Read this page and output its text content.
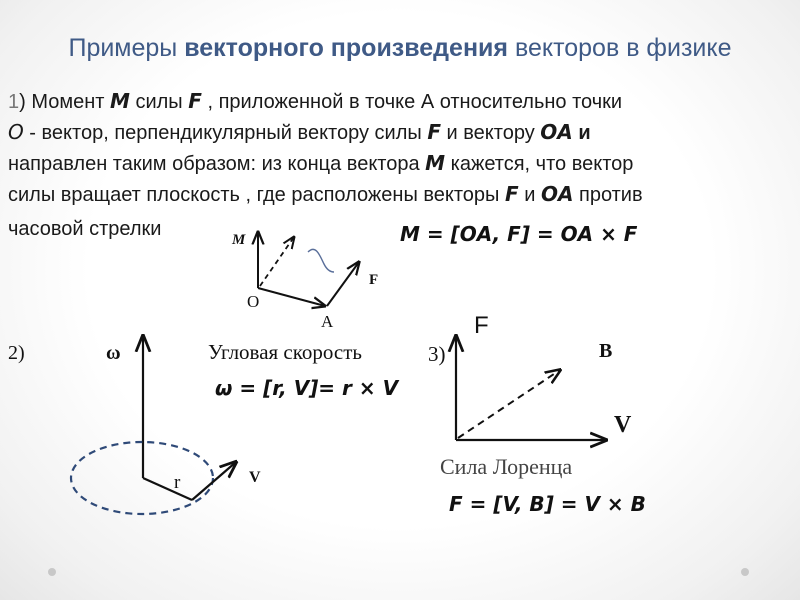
Примеры векторного произведения векторов в физике
1) Момент M силы F , приложенной в точке А относительно точки
O - вектор, перпендикулярный вектору силы F и вектору OA и
направлен таким образом: из конца вектора M кажется, что вектор
силы вращает плоскость , где расположены векторы F и OA против
часовой стрелки	M = [OA, F] = OA × F
M
O
A
F
2)	ω	Угловая скорость
ω = [r, V]= r × V
r	V
3)
F
B
V
Сила Лоренца
F = [V, B] = V × B
